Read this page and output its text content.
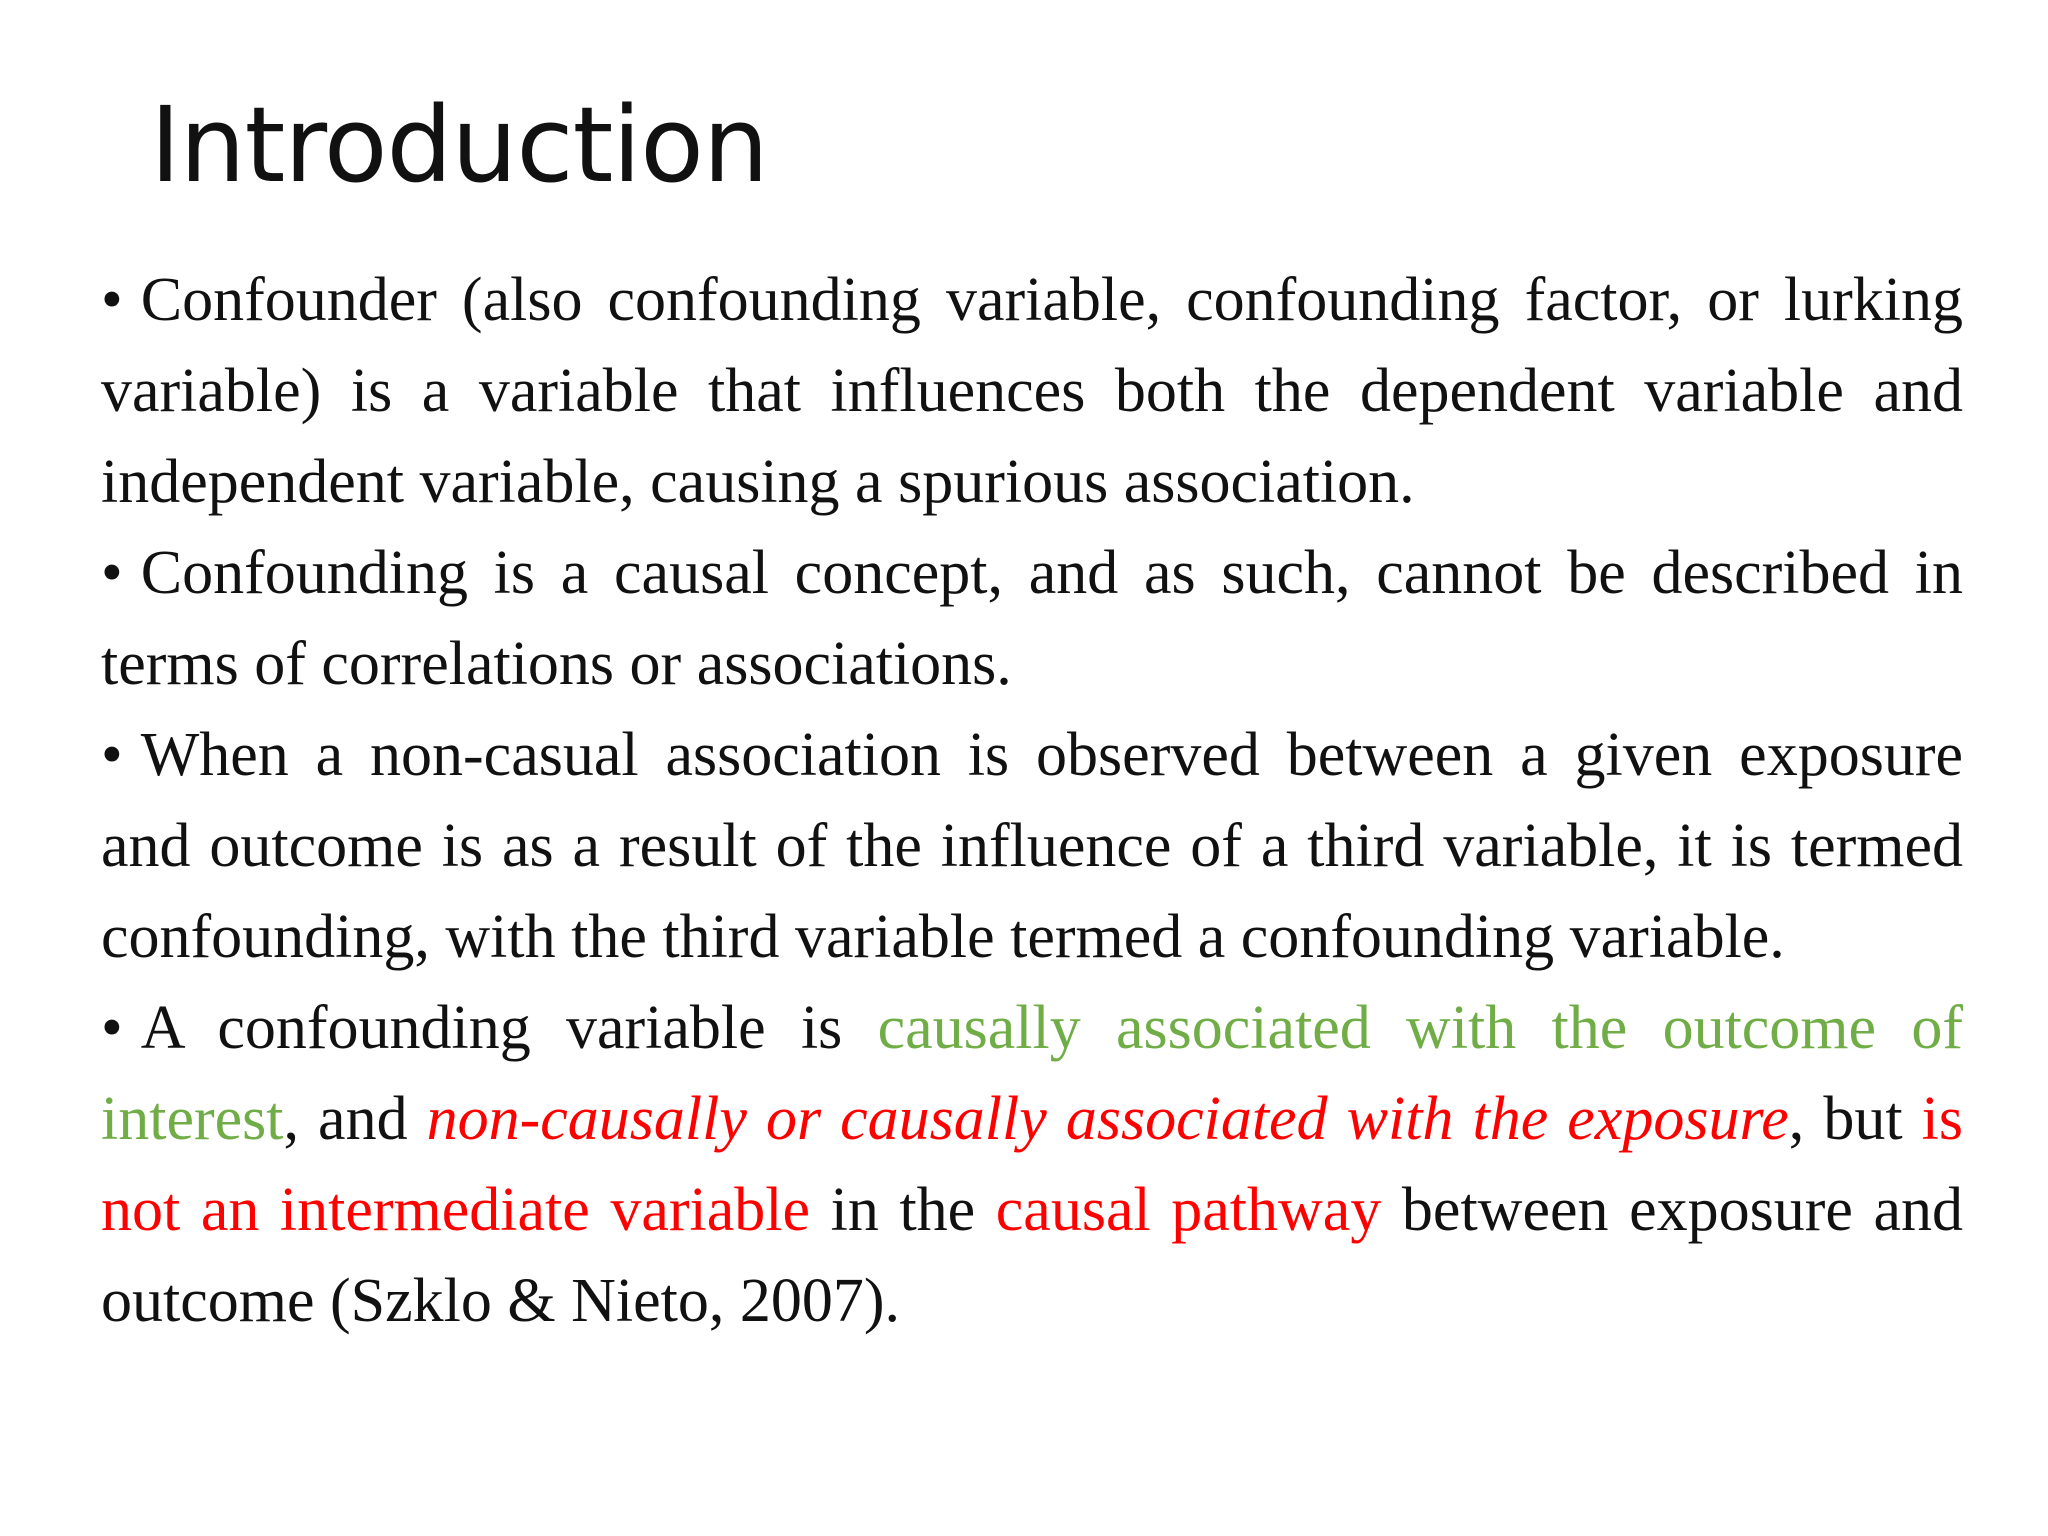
Introduction

• Confounder (also confounding variable, confounding factor, or lurking variable) is a variable that influences both the dependent variable and independent variable, causing a spurious association.

• Confounding is a causal concept, and as such, cannot be described in terms of correlations or associations.

• When a non-casual association is observed between a given exposure and outcome is as a result of the influence of a third variable, it is termed confounding, with the third variable termed a confounding variable.

• A confounding variable is causally associated with the outcome of interest, and non-causally or causally associated with the exposure, but is not an intermediate variable in the causal pathway between exposure and outcome (Szklo & Nieto, 2007).
